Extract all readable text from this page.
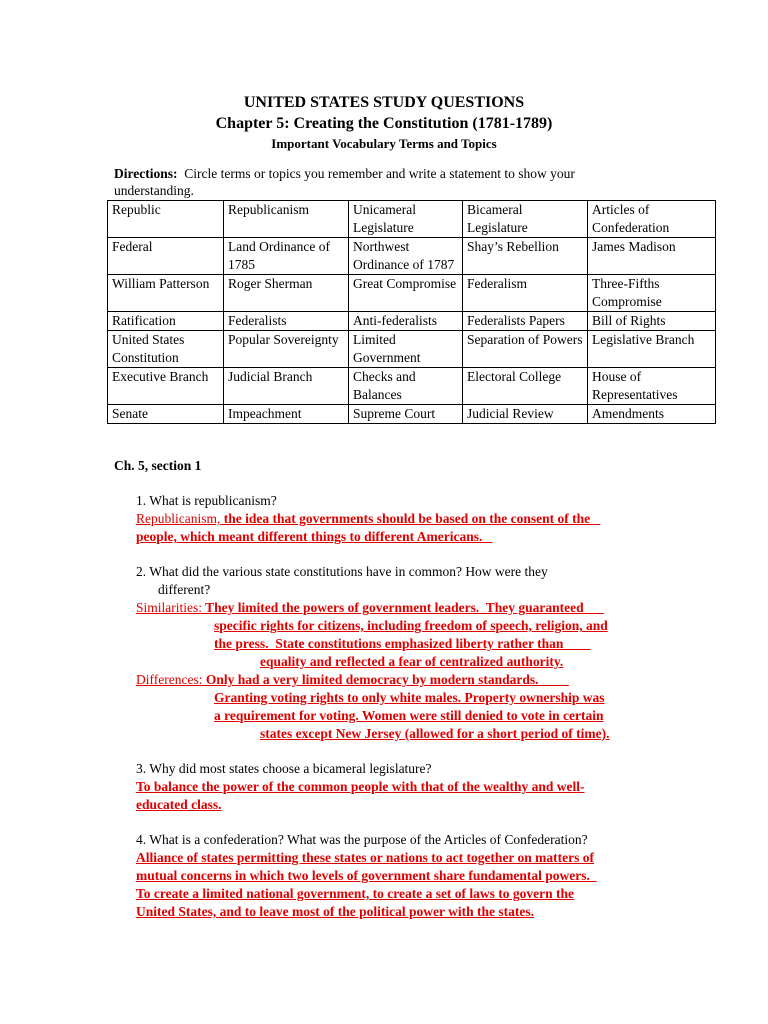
UNITED STATES STUDY QUESTIONS
Chapter 5: Creating the Constitution (1781-1789)
Important Vocabulary Terms and Topics
Directions: Circle terms or topics you remember and write a statement to show your understanding.
Republic	Republicanism	Unicameral Legislature	Bicameral Legislature	Articles of Confederation
Federal	Land Ordinance of 1785	Northwest Ordinance of 1787	Shay’s Rebellion	James Madison
William Patterson	Roger Sherman	Great Compromise	Federalism	Three-Fifths Compromise
Ratification	Federalists	Anti-federalists	Federalists Papers	Bill of Rights
United States Constitution	Popular Sovereignty	Limited Government	Separation of Powers	Legislative Branch
Executive Branch	Judicial Branch	Checks and Balances	Electoral College	House of Representatives
Senate	Impeachment	Supreme Court	Judicial Review	Amendments
Ch. 5, section 1
1. What is republicanism?
Republicanism, the idea that governments should be based on the consent of the
people, which meant different things to different Americans.
2. What did the various state constitutions have in common? How were they
different?
Similarities: They limited the powers of government leaders.  They guaranteed
specific rights for citizens, including freedom of speech, religion, and
the press.  State constitutions emphasized liberty rather than
equality and reflected a fear of centralized authority.
Differences: Only had a very limited democracy by modern standards.
Granting voting rights to only white males. Property ownership was
a requirement for voting. Women were still denied to vote in certain
states except New Jersey (allowed for a short period of time).
3. Why did most states choose a bicameral legislature?
To balance the power of the common people with that of the wealthy and well-
educated class.
4. What is a confederation? What was the purpose of the Articles of Confederation?
Alliance of states permitting these states or nations to act together on matters of
mutual concerns in which two levels of government share fundamental powers.
To create a limited national government, to create a set of laws to govern the
United States, and to leave most of the political power with the states.
